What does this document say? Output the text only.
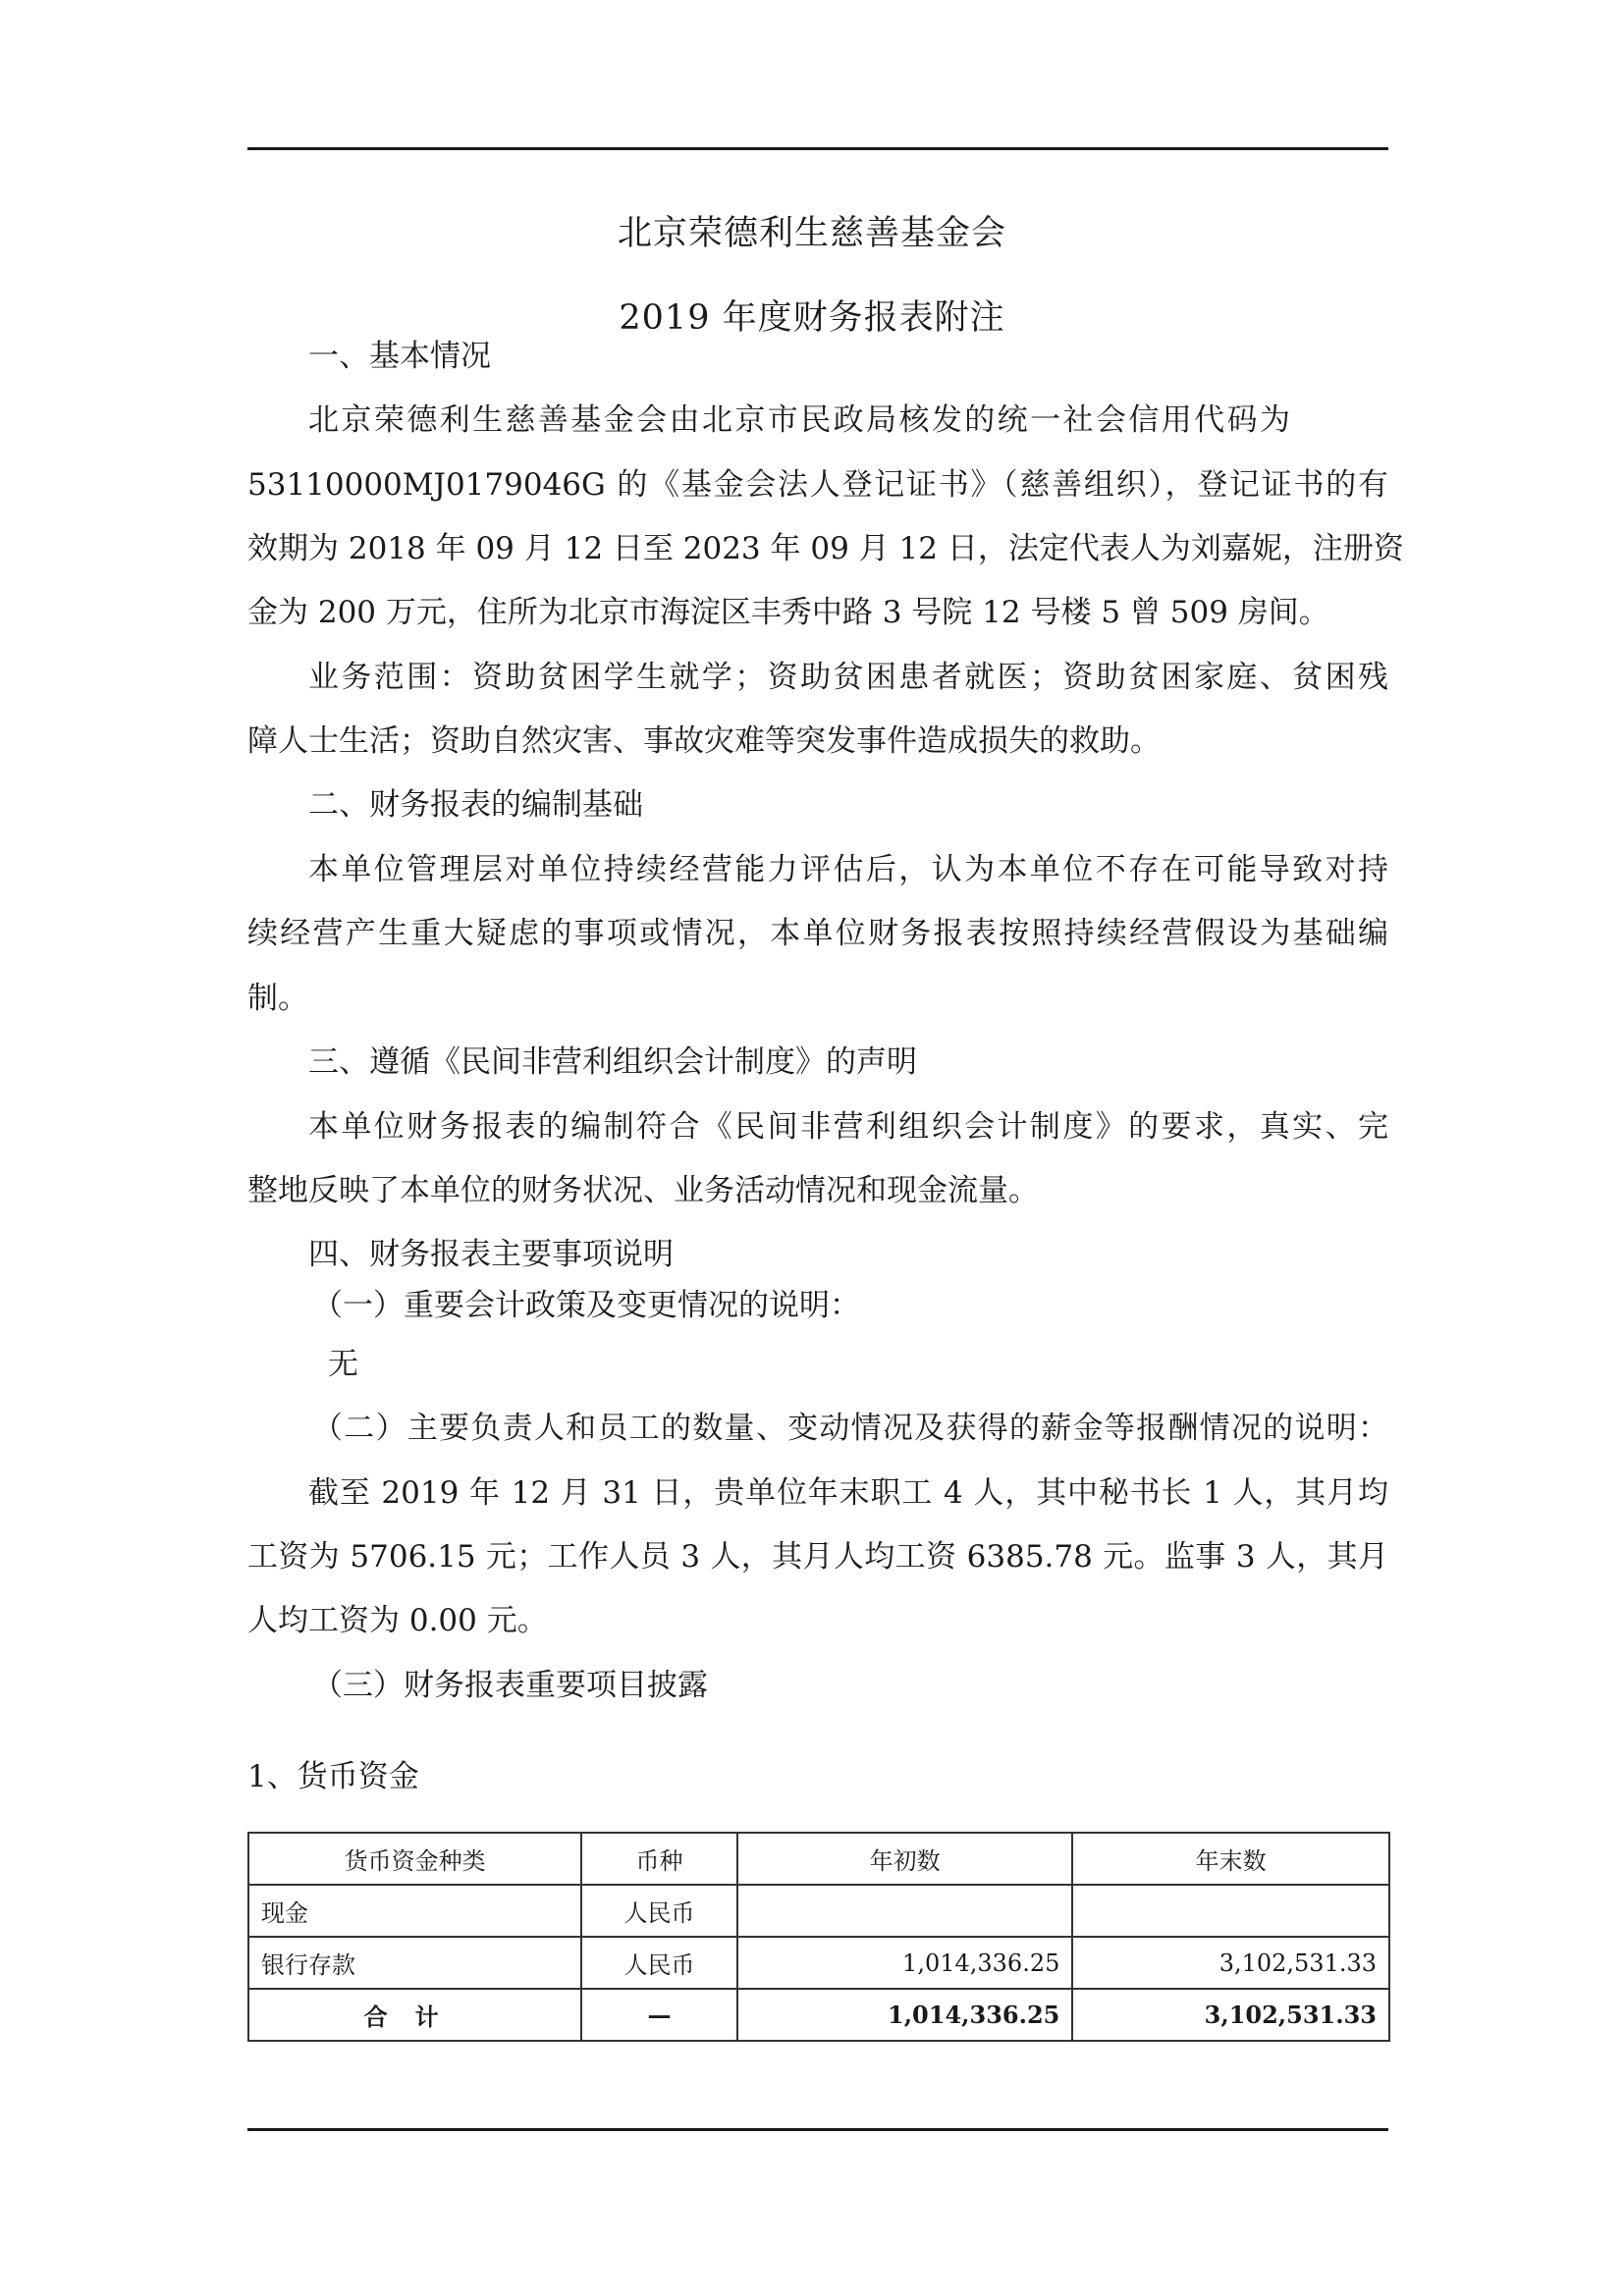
北京荣德利生慈善基金会
2019 年度财务报表附注
一、基本情况
北京荣德利生慈善基金会由北京市民政局核发的统一社会信用代码为
53110000MJ0179046G 的《基金会法人登记证书》（慈善组织），登记证书的有
效期为 2018 年 09 月 12 日至 2023 年 09 月 12 日，法定代表人为刘嘉妮，注册资
金为 200 万元，住所为北京市海淀区丰秀中路 3 号院 12 号楼 5 曾 509 房间。
业务范围：资助贫困学生就学；资助贫困患者就医；资助贫困家庭、贫困残
障人士生活；资助自然灾害、事故灾难等突发事件造成损失的救助。
二、财务报表的编制基础
本单位管理层对单位持续经营能力评估后，认为本单位不存在可能导致对持
续经营产生重大疑虑的事项或情况，本单位财务报表按照持续经营假设为基础编
制。
三、遵循《民间非营利组织会计制度》的声明
本单位财务报表的编制符合《民间非营利组织会计制度》的要求，真实、完
整地反映了本单位的财务状况、业务活动情况和现金流量。
四、财务报表主要事项说明
（一）重要会计政策及变更情况的说明：
无
（二）主要负责人和员工的数量、变动情况及获得的薪金等报酬情况的说明：
截至 2019 年 12 月 31 日，贵单位年末职工 4 人，其中秘书长 1 人，其月均
工资为 5706.15 元；工作人员 3 人，其月人均工资 6385.78 元。监事 3 人，其月
人均工资为 0.00 元。
（三）财务报表重要项目披露
1、货币资金
货币资金种类	币种	年初数	年末数
现金	人民币		
银行存款	人民币	1,014,336.25	3,102,531.33
合计	—	1,014,336.25	3,102,531.33
